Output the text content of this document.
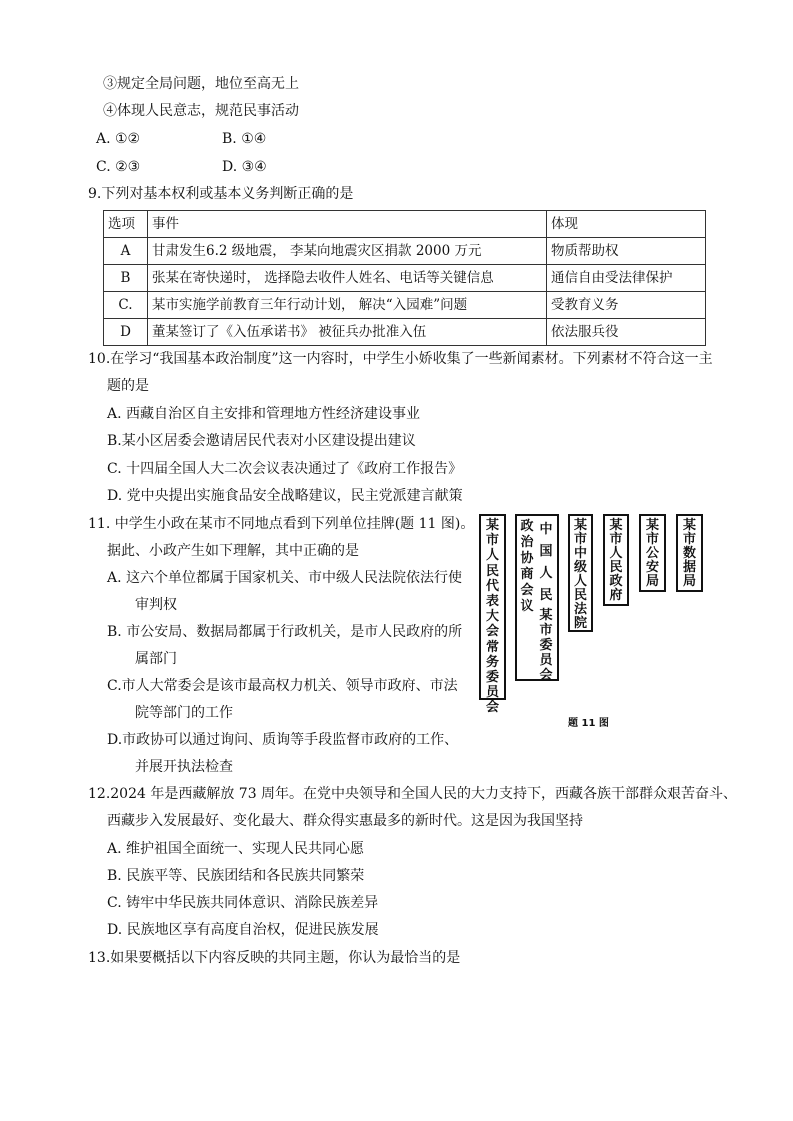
③规定全局问题，地位至高无上
④体现人民意志，规范民事活动
A. ①②	B. ①④
C. ②③	D. ③④
9.下列对基本权利或基本义务判断正确的是
选项	事件	体现
A	甘肃发生6.2 级地震， 李某向地震灾区捐款 2000 万元	物质帮助权
B	张某在寄快递时， 选择隐去收件人姓名、电话等关键信息	通信自由受法律保护
C.	某市实施学前教育三年行动计划， 解决“入园难”问题	受教育义务
D	董某签订了《入伍承诺书》 被征兵办批准入伍	依法服兵役
10.在学习“我国基本政治制度”这一内容时，中学生小娇收集了一些新闻素材。下列素材不符合这一主
题的是
A. 西藏自治区自主安排和管理地方性经济建设事业
B.某小区居委会邀请居民代表对小区建设提出建议
C. 十四届全国人大二次会议表决通过了《政府工作报告》
D. 党中央提出实施食品安全战略建议，民主党派建言献策
11. 中学生小政在某市不同地点看到下列单位挂牌(题 11 图)。
据此、小政产生如下理解，其中正确的是
A. 这六个单位都属于国家机关、市中级人民法院依法行使
审判权
B. 市公安局、数据局都属于行政机关，是市人民政府的所
属部门
C.市人大常委会是该市最高权力机关、领导市政府、市法
院等部门的工作
D.市政协可以通过询问、质询等手段监督市政府的工作、
并展开执法检查
某市人民代表大会常务委员会
政治协商会议
中国人民
某市委员会
某市中级人民法院
某市人民政府
某市公安局
某市数据局
题 11 图
12.2024 年是西藏解放 73 周年。在党中央领导和全国人民的大力支持下，西藏各族干部群众艰苦奋斗、
西藏步入发展最好、变化最大、群众得实惠最多的新时代。这是因为我国坚持
A. 维护祖国全面统一、实现人民共同心愿
B. 民族平等、民族团结和各民族共同繁荣
C. 铸牢中华民族共同体意识、消除民族差异
D. 民族地区享有高度自治权，促进民族发展
13.如果要概括以下内容反映的共同主题，你认为最恰当的是
